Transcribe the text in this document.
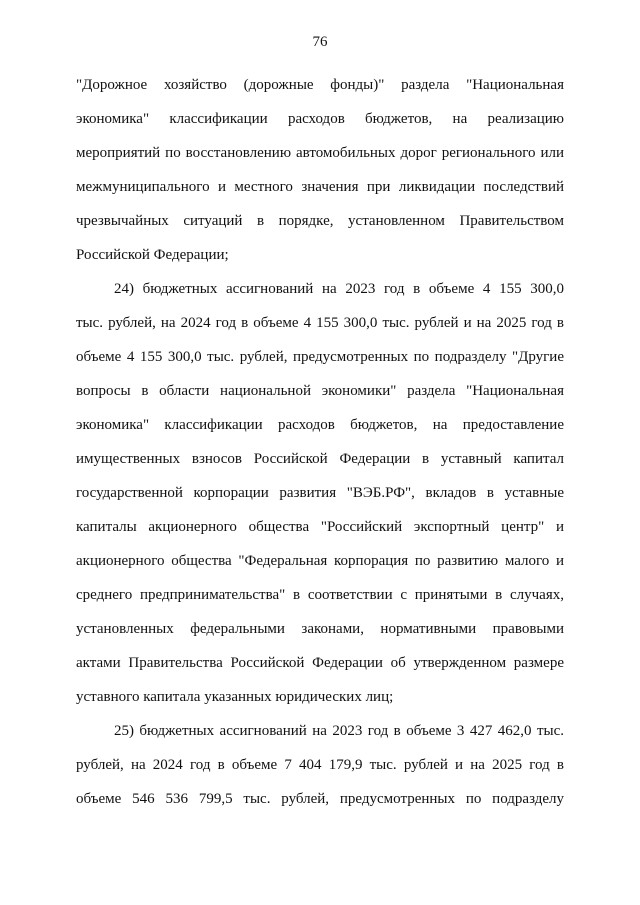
76
"Дорожное хозяйство (дорожные фонды)" раздела "Национальная
экономика" классификации расходов бюджетов, на реализацию
мероприятий по восстановлению автомобильных дорог регионального или
межмуниципального и местного значения при ликвидации последствий
чрезвычайных ситуаций в порядке, установленном Правительством
Российской Федерации;
24) бюджетных ассигнований на 2023 год в объеме 4 155 300,0
тыс. рублей, на 2024 год в объеме 4 155 300,0 тыс. рублей и на 2025 год в
объеме 4 155 300,0 тыс. рублей, предусмотренных по подразделу "Другие
вопросы в области национальной экономики" раздела "Национальная
экономика" классификации расходов бюджетов, на предоставление
имущественных взносов Российской Федерации в уставный капитал
государственной корпорации развития "ВЭБ.РФ", вкладов в уставные
капиталы акционерного общества "Российский экспортный центр" и
акционерного общества "Федеральная корпорация по развитию малого и
среднего предпринимательства" в соответствии с принятыми в случаях,
установленных федеральными законами, нормативными правовыми
актами Правительства Российской Федерации об утвержденном размере
уставного капитала указанных юридических лиц;
25) бюджетных ассигнований на 2023 год в объеме 3 427 462,0 тыс.
рублей, на 2024 год в объеме 7 404 179,9 тыс. рублей и на 2025 год в
объеме 546 536 799,5 тыс. рублей, предусмотренных по подразделу
